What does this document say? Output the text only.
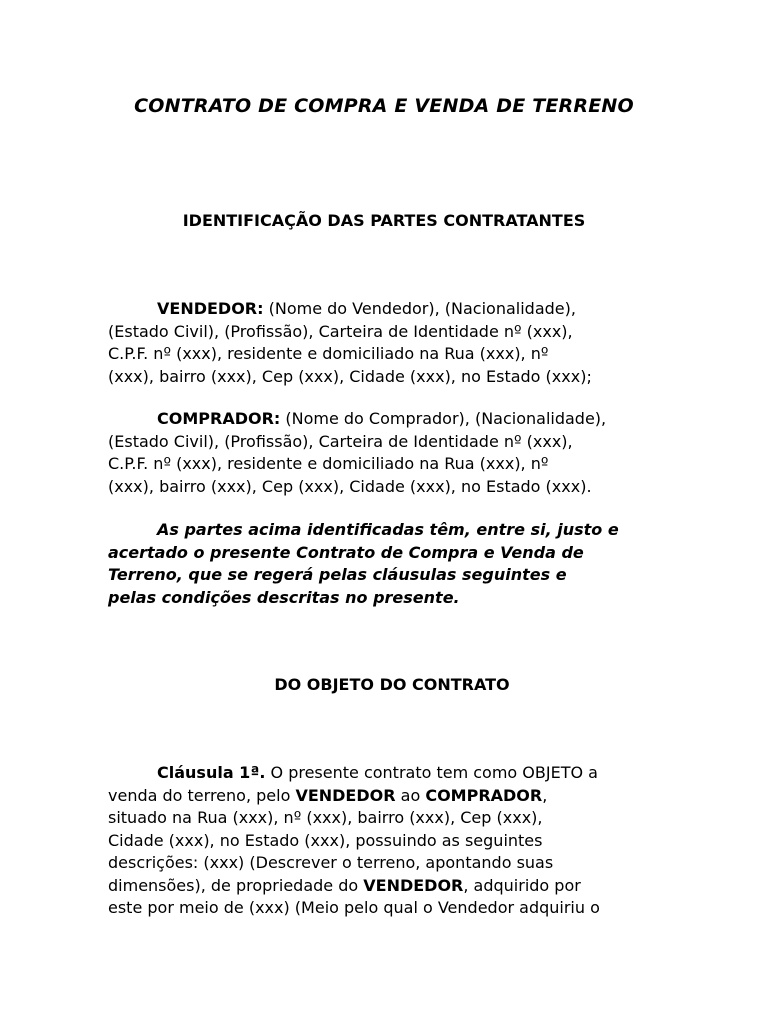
CONTRATO DE COMPRA E VENDA DE TERRENO
IDENTIFICAÇÃO DAS PARTES CONTRATANTES

VENDEDOR: (Nome do Vendedor), (Nacionalidade),
(Estado Civil), (Profissão), Carteira de Identidade nº (xxx),
C.P.F. nº (xxx), residente e domiciliado na Rua (xxx), nº
(xxx), bairro (xxx), Cep (xxx), Cidade (xxx), no Estado (xxx);

COMPRADOR: (Nome do Comprador), (Nacionalidade),
(Estado Civil), (Profissão), Carteira de Identidade nº (xxx),
C.P.F. nº (xxx), residente e domiciliado na Rua (xxx), nº
(xxx), bairro (xxx), Cep (xxx), Cidade (xxx), no Estado (xxx).

As partes acima identificadas têm, entre si, justo e
acertado o presente Contrato de Compra e Venda de
Terreno, que se regerá pelas cláusulas seguintes e
pelas condições descritas no presente.

DO OBJETO DO CONTRATO

Cláusula 1ª. O presente contrato tem como OBJETO a
venda do terreno, pelo VENDEDOR ao COMPRADOR,
situado na Rua (xxx), nº (xxx), bairro (xxx), Cep (xxx),
Cidade (xxx), no Estado (xxx), possuindo as seguintes
descrições: (xxx) (Descrever o terreno, apontando suas
dimensões), de propriedade do VENDEDOR, adquirido por
este por meio de (xxx) (Meio pelo qual o Vendedor adquiriu o
